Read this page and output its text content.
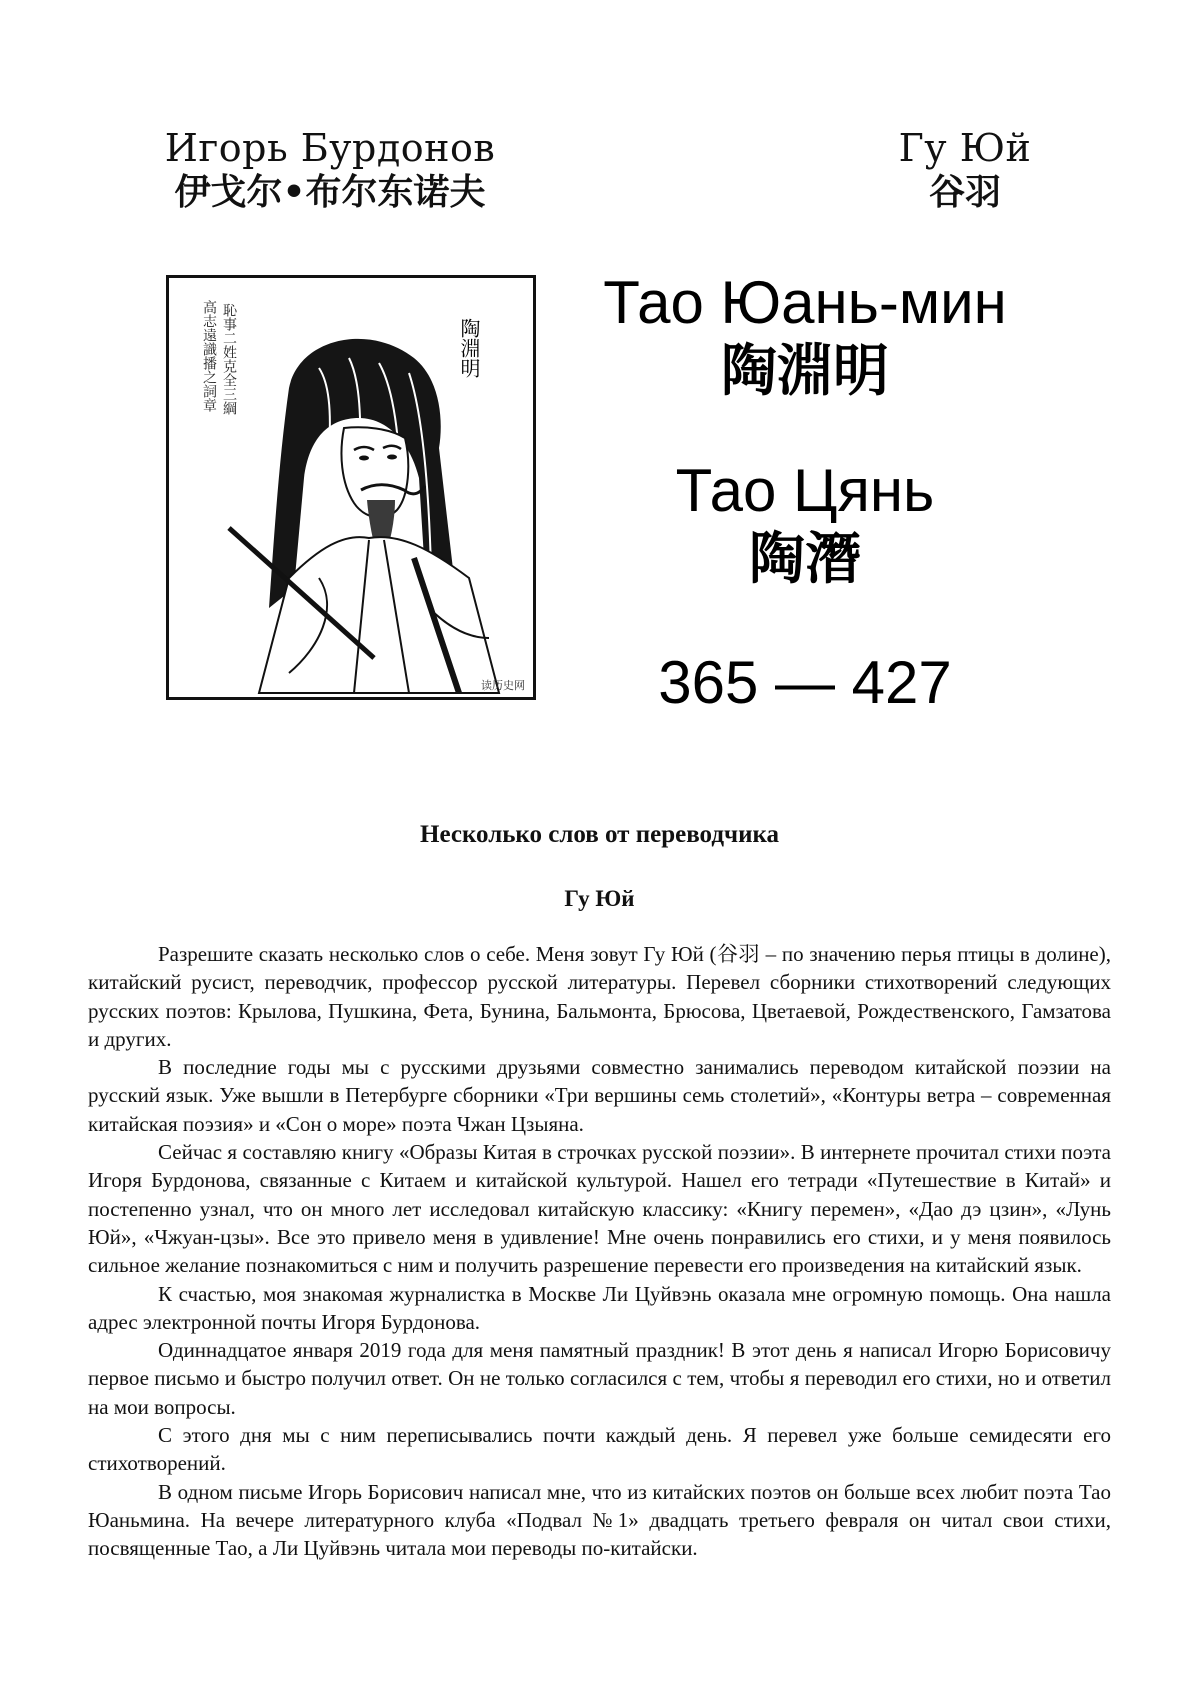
Игорь Бурдонов
伊戈尔•布尔东诺夫
Гу Юй
谷羽
陶淵明
恥事二姓克全三綱
高志遠識播之詞章
读历史网
Тао Юань-мин
陶淵明
Тао Цянь
陶潛
365 — 427
Несколько слов от переводчика
Гу Юй

Разрешите сказать несколько слов о себе. Меня зовут Гу Юй (谷羽 – по значению перья птицы в долине), китайский русист, переводчик, профессор русской литературы. Перевел сборники стихотворений следующих русских поэтов: Крылова, Пушкина, Фета, Бунина, Бальмонта, Брюсова, Цветаевой, Рождественского, Гамзатова и других.

В последние годы мы с русскими друзьями совместно занимались переводом китайской поэзии на русский язык. Уже вышли в Петербурге сборники «Три вершины семь столетий», «Контуры ветра – современная китайская поэзия» и «Сон о море» поэта Чжан Цзыяна.

Сейчас я составляю книгу «Образы Китая в строчках русской поэзии». В интернете прочитал стихи поэта Игоря Бурдонова, связанные с Китаем и китайской культурой. Нашел его тетради «Путешествие в Китай» и постепенно узнал, что он много лет исследовал китайскую классику: «Книгу перемен», «Дао дэ цзин», «Лунь Юй», «Чжуан-цзы». Все это привело меня в удивление! Мне очень понравились его стихи, и у меня появилось сильное желание познакомиться с ним и получить разрешение перевести его произведения на китайский язык.

К счастью, моя знакомая журналистка в Москве Ли Цуйвэнь оказала мне огромную помощь. Она нашла адрес электронной почты Игоря Бурдонова.

Одиннадцатое января 2019 года для меня памятный праздник! В этот день я написал Игорю Борисовичу первое письмо и быстро получил ответ. Он не только согласился с тем, чтобы я переводил его стихи, но и ответил на мои вопросы.

С этого дня мы с ним переписывались почти каждый день. Я перевел уже больше семидесяти его стихотворений.

В одном письме Игорь Борисович написал мне, что из китайских поэтов он больше всех любит поэта Тао Юаньмина. На вечере литературного клуба «Подвал №1» двадцать третьего февраля он читал свои стихи, посвященные Тао, а Ли Цуйвэнь читала мои переводы по-китайски.
